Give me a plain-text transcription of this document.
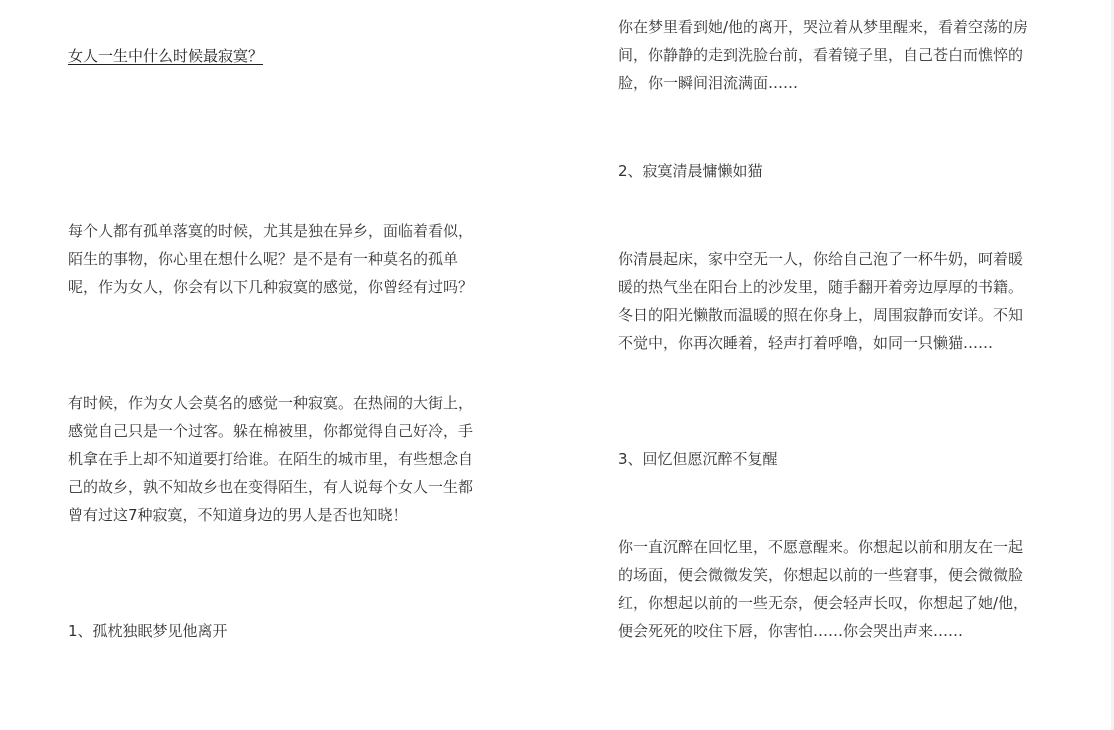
女人一生中什么时候最寂寞？

每个人都有孤单落寞的时候，尤其是独在异乡，面临着看似，陌生的事物，你心里在想什么呢？是不是有一种莫名的孤单呢，作为女人，你会有以下几种寂寞的感觉，你曾经有过吗？

有时候，作为女人会莫名的感觉一种寂寞。在热闹的大街上，感觉自己只是一个过客。躲在棉被里，你都觉得自己好冷，手机拿在手上却不知道要打给谁。在陌生的城市里，有些想念自己的故乡，孰不知故乡也在变得陌生，有人说每个女人一生都曾有过这7种寂寞，不知道身边的男人是否也知晓！

1、孤枕独眠梦见他离开

你在梦里看到她/他的离开，哭泣着从梦里醒来，看着空荡的房间，你静静的走到洗脸台前，看着镜子里，自己苍白而憔悴的脸，你一瞬间泪流满面……

2、寂寞清晨慵懒如猫

你清晨起床，家中空无一人，你给自己泡了一杯牛奶，呵着暖暖的热气坐在阳台上的沙发里，随手翻开着旁边厚厚的书籍。冬日的阳光懒散而温暖的照在你身上，周围寂静而安详。不知不觉中，你再次睡着，轻声打着呼噜，如同一只懒猫……

3、回忆但愿沉醉不复醒

你一直沉醉在回忆里，不愿意醒来。你想起以前和朋友在一起的场面，便会微微发笑，你想起以前的一些窘事，便会微微脸红，你想起以前的一些无奈，便会轻声长叹，你想起了她/他，便会死死的咬住下唇，你害怕……你会哭出声来……
